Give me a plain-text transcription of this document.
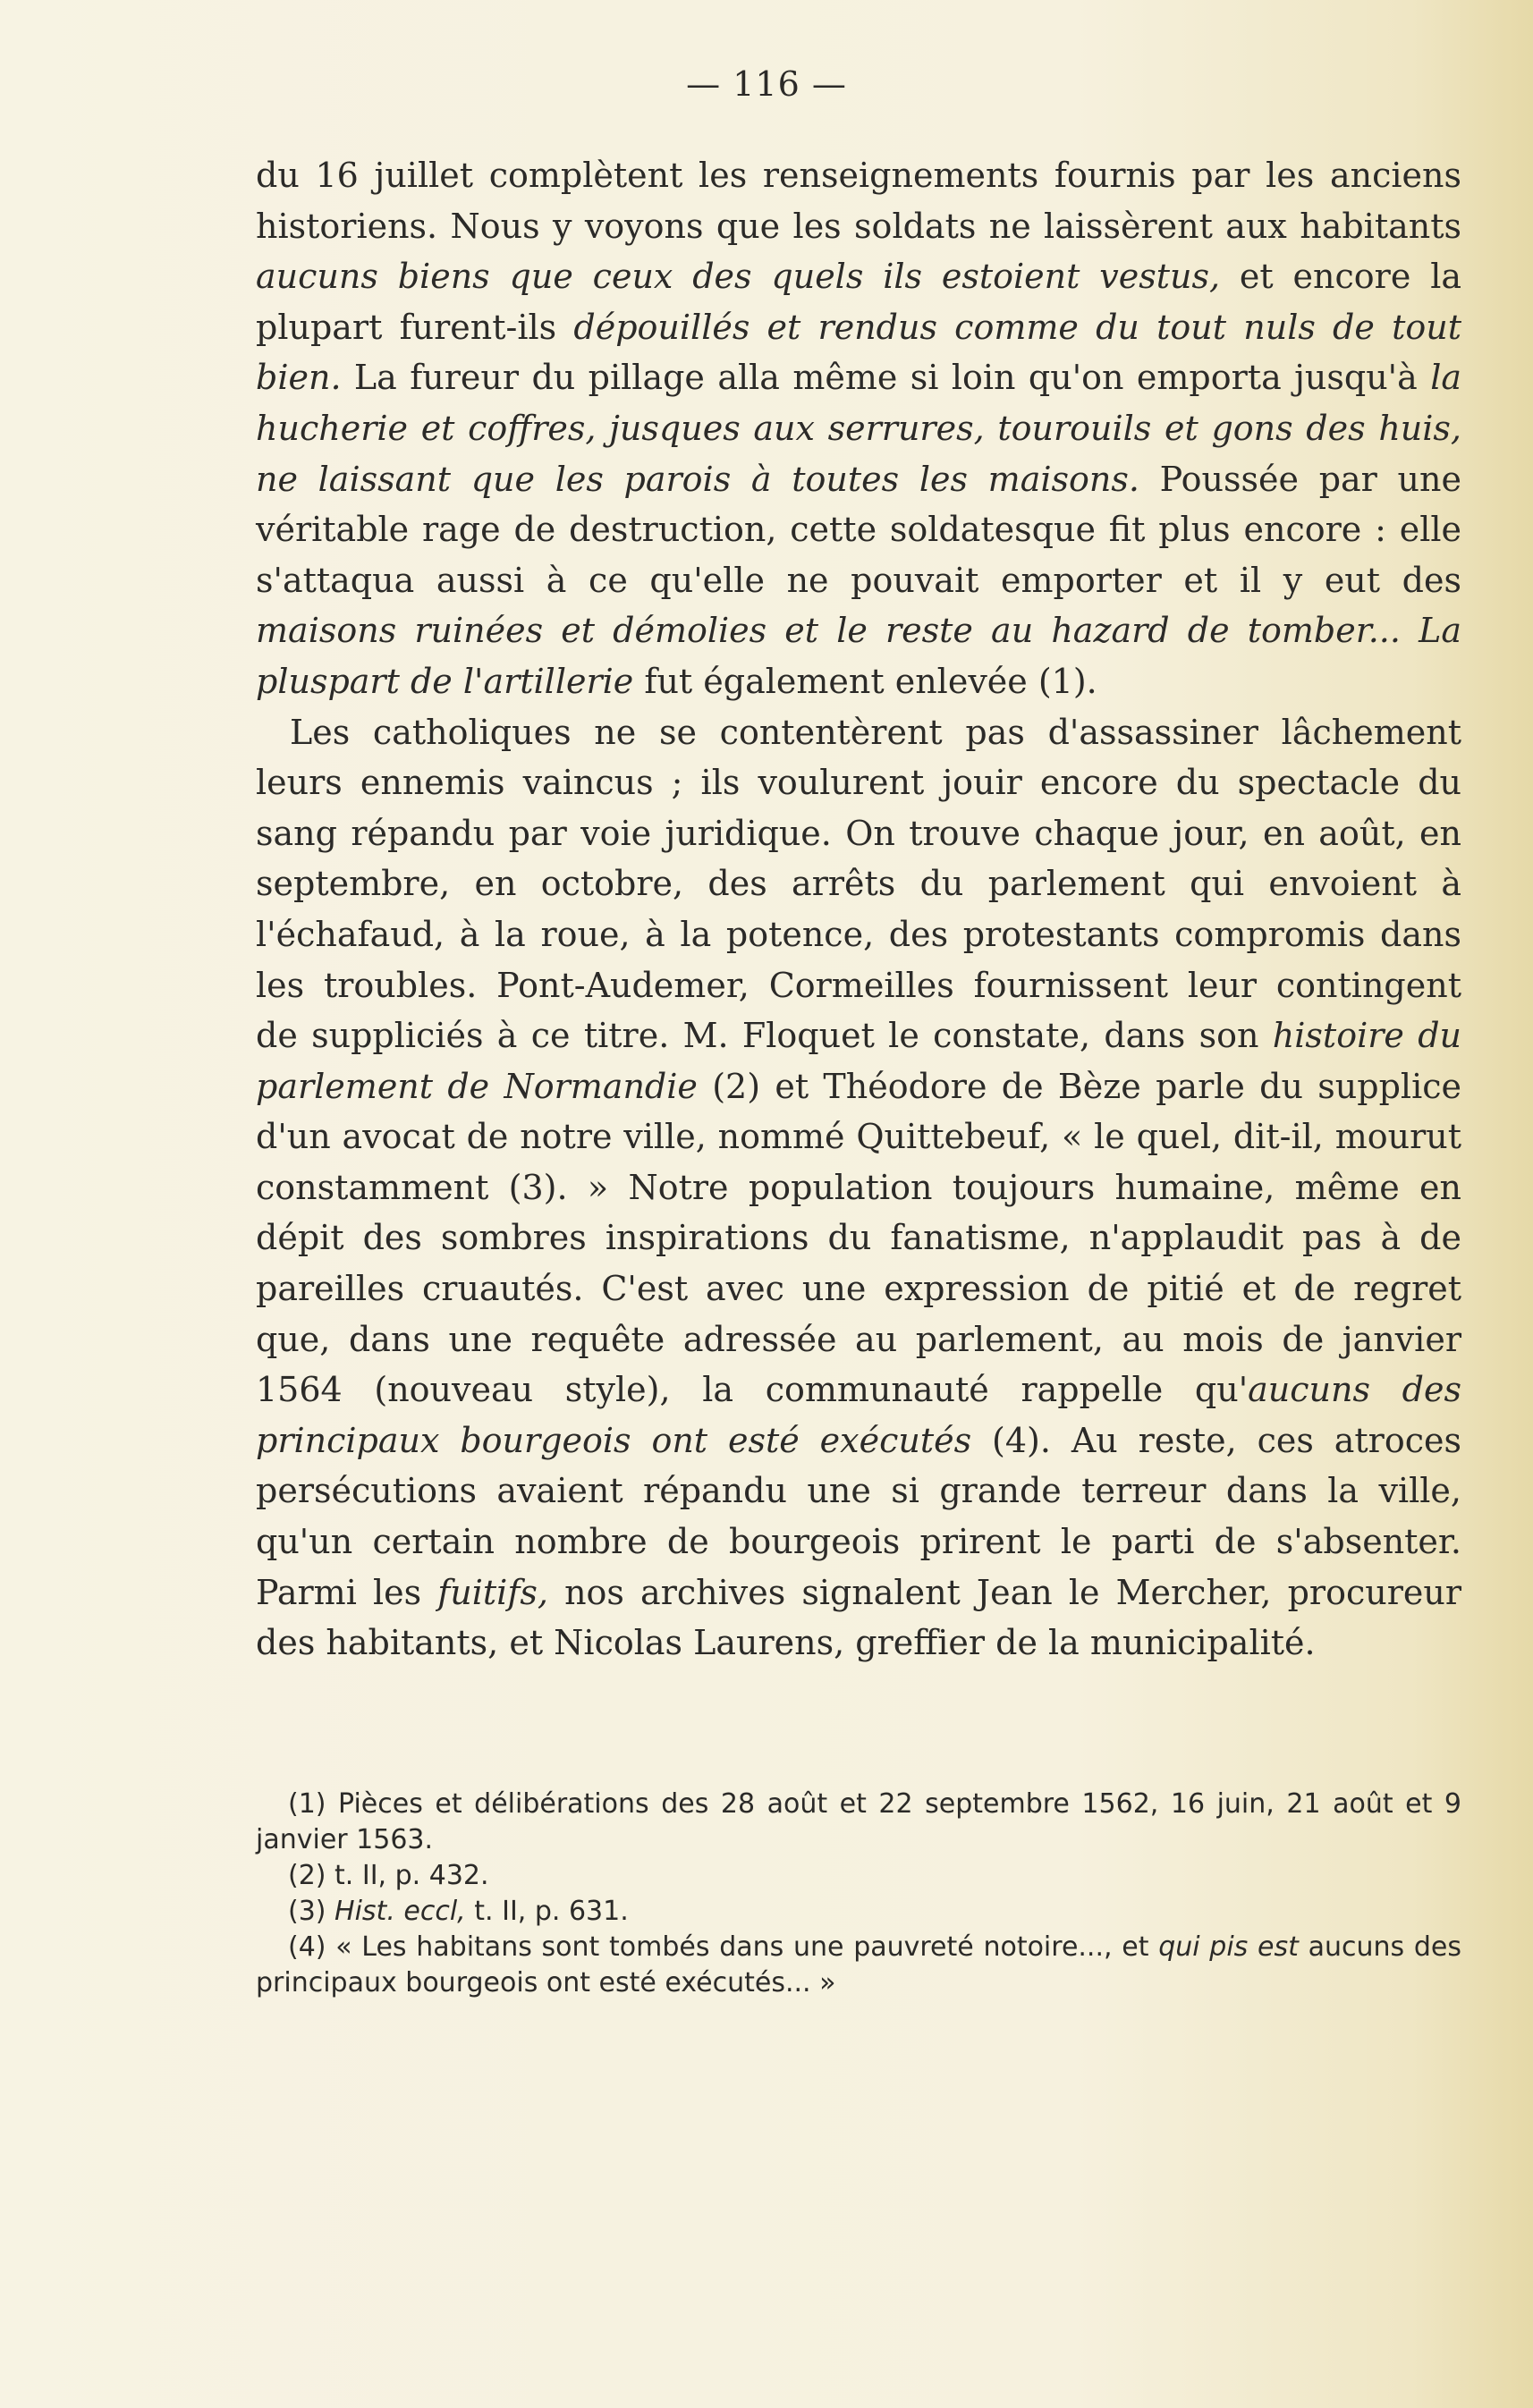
— 116 —

du 16 juillet complètent les renseignements fournis par les anciens historiens. Nous y voyons que les soldats ne laissèrent aux habitants aucuns biens que ceux des quels ils estoient vestus, et encore la plupart furent-ils dépouillés et rendus comme du tout nuls de tout bien. La fureur du pillage alla même si loin qu'on emporta jusqu'à la hucherie et coffres, jusques aux serrures, tourouils et gons des huis, ne laissant que les parois à toutes les maisons. Poussée par une véritable rage de destruction, cette soldatesque fit plus encore : elle s'attaqua aussi à ce qu'elle ne pouvait emporter et il y eut des maisons ruinées et démolies et le reste au hazard de tomber... La pluspart de l'artillerie fut également enlevée (1).

Les catholiques ne se contentèrent pas d'assassiner lâchement leurs ennemis vaincus ; ils voulurent jouir encore du spectacle du sang répandu par voie juridique. On trouve chaque jour, en août, en septembre, en octobre, des arrêts du parlement qui envoient à l'échafaud, à la roue, à la potence, des protestants compromis dans les troubles. Pont-Audemer, Cormeilles fournissent leur contingent de suppliciés à ce titre. M. Floquet le constate, dans son histoire du parlement de Normandie (2) et Théodore de Bèze parle du supplice d'un avocat de notre ville, nommé Quittebeuf, « le quel, dit-il, mourut constamment (3). » Notre population toujours humaine, même en dépit des sombres inspirations du fanatisme, n'applaudit pas à de pareilles cruautés. C'est avec une expression de pitié et de regret que, dans une requête adressée au parlement, au mois de janvier 1564 (nouveau style), la communauté rappelle qu'aucuns des principaux bourgeois ont esté exécutés (4). Au reste, ces atroces persécutions avaient répandu une si grande terreur dans la ville, qu'un certain nombre de bourgeois prirent le parti de s'absenter. Parmi les fuitifs, nos archives signalent Jean le Mercher, procureur des habitants, et Nicolas Laurens, greffier de la municipalité.

(1) Pièces et délibérations des 28 août et 22 septembre 1562, 16 juin, 21 août et 9 janvier 1563.

(2) t. II, p. 432.

(3) Hist. eccl, t. II, p. 631.

(4) « Les habitans sont tombés dans une pauvreté notoire..., et qui pis est aucuns des principaux bourgeois ont esté exécutés... »
